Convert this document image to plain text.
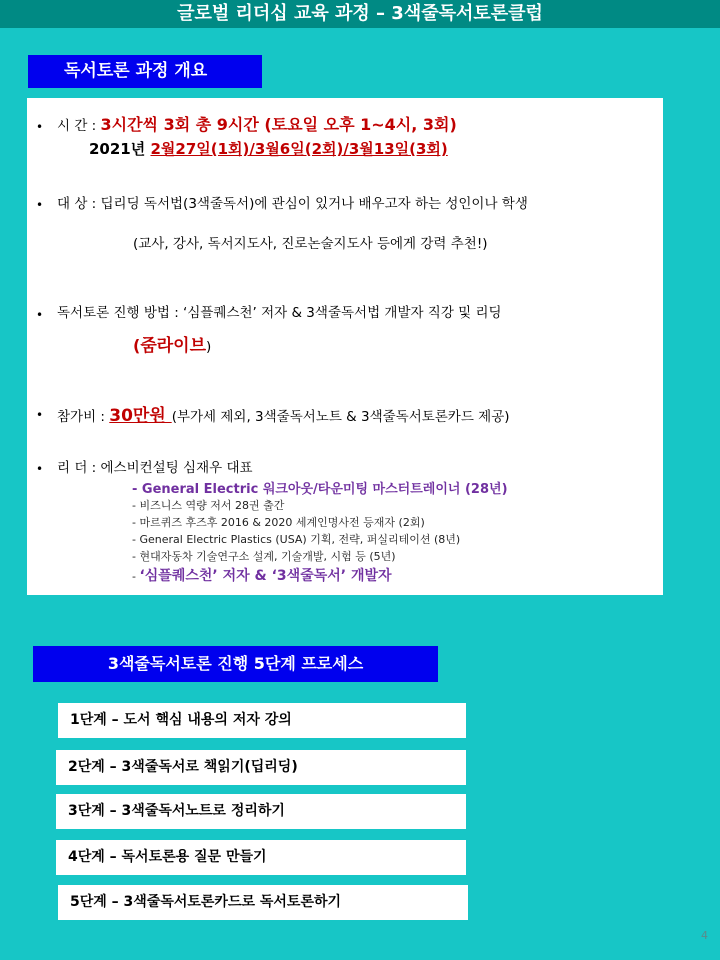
글로벌 리더십 교육 과정 – 3색줄독서토론클럽
독서토론 과정 개요
• 시 간 : 3시간씩 3회 총 9시간 (토요일 오후 1~4시, 3회)
2021년 2월27일(1회)/3월6일(2회)/3월13일(3회)
• 대 상 : 딥리딩 독서법(3색줄독서)에 관심이 있거나 배우고자 하는 성인이나 학생
(교사, 강사, 독서지도사, 진로논술지도사 등에게 강력 추천!)
• 독서토론 진행 방법 : ‘심플퀘스천’ 저자 & 3색줄독서법 개발자 직강 및 리딩
(줌라이브)
• 참가비 : 30만원 (부가세 제외, 3색줄독서노트 & 3색줄독서토론카드 제공)
• 리 더 : 에스비컨설팅 심재우 대표
- General Electric 워크아웃/타운미팅 마스터트레이너 (28년)
- 비즈니스 역량 저서 28권 출간
- 마르퀴즈 후즈후 2016 & 2020 세계인명사전 등재자 (2회)
- General Electric Plastics (USA) 기획, 전략, 퍼실리테이션 (8년)
- 현대자동차 기술연구소 설계, 기술개발, 시험 등 (5년)
- ‘심플퀘스천’ 저자 & ‘3색줄독서’ 개발자
3색줄독서토론 진행 5단계 프로세스
1단계 – 도서 핵심 내용의 저자 강의
2단계 – 3색줄독서로 책읽기(딥리딩)
3단계 – 3색줄독서노트로 정리하기
4단계 – 독서토론용 질문 만들기
5단계 – 3색줄독서토론카드로 독서토론하기
4
